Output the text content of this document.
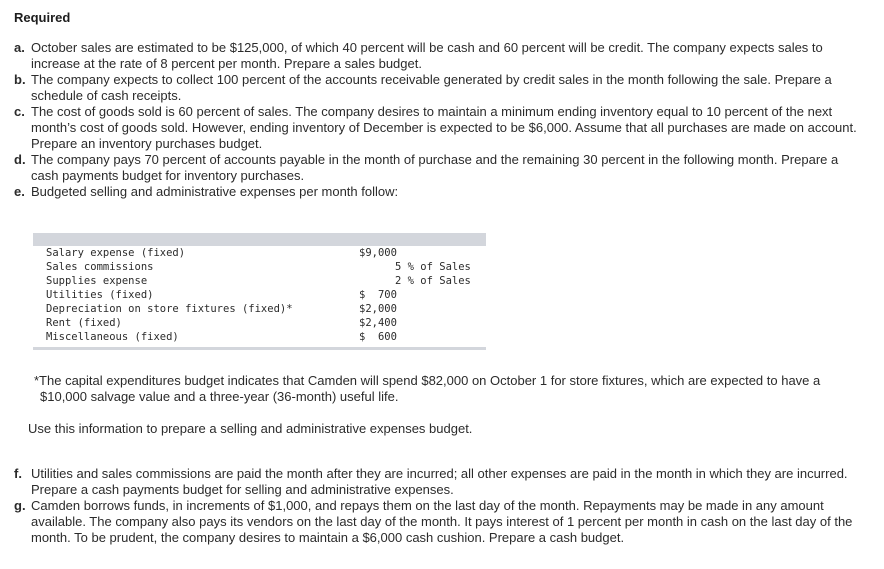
Required
a. October sales are estimated to be $125,000, of which 40 percent will be cash and 60 percent will be credit. The company expects sales to increase at the rate of 8 percent per month. Prepare a sales budget.
b. The company expects to collect 100 percent of the accounts receivable generated by credit sales in the month following the sale. Prepare a schedule of cash receipts.
c. The cost of goods sold is 60 percent of sales. The company desires to maintain a minimum ending inventory equal to 10 percent of the next month’s cost of goods sold. However, ending inventory of December is expected to be $6,000. Assume that all purchases are made on account. Prepare an inventory purchases budget.
d. The company pays 70 percent of accounts payable in the month of purchase and the remaining 30 percent in the following month. Prepare a cash payments budget for inventory purchases.
e. Budgeted selling and administrative expenses per month follow:
Salary expense (fixed)	$9,000
Sales commissions	5 % of Sales
Supplies expense	2 % of Sales
Utilities (fixed)	$  700
Depreciation on store fixtures (fixed)*	$2,000
Rent (fixed)	$2,400
Miscellaneous (fixed)	$  600
*The capital expenditures budget indicates that Camden will spend $82,000 on October 1 for store fixtures, which are expected to have a $10,000 salvage value and a three-year (36-month) useful life.
Use this information to prepare a selling and administrative expenses budget.
f. Utilities and sales commissions are paid the month after they are incurred; all other expenses are paid in the month in which they are incurred. Prepare a cash payments budget for selling and administrative expenses.
g. Camden borrows funds, in increments of $1,000, and repays them on the last day of the month. Repayments may be made in any amount available. The company also pays its vendors on the last day of the month. It pays interest of 1 percent per month in cash on the last day of the month. To be prudent, the company desires to maintain a $6,000 cash cushion. Prepare a cash budget.
